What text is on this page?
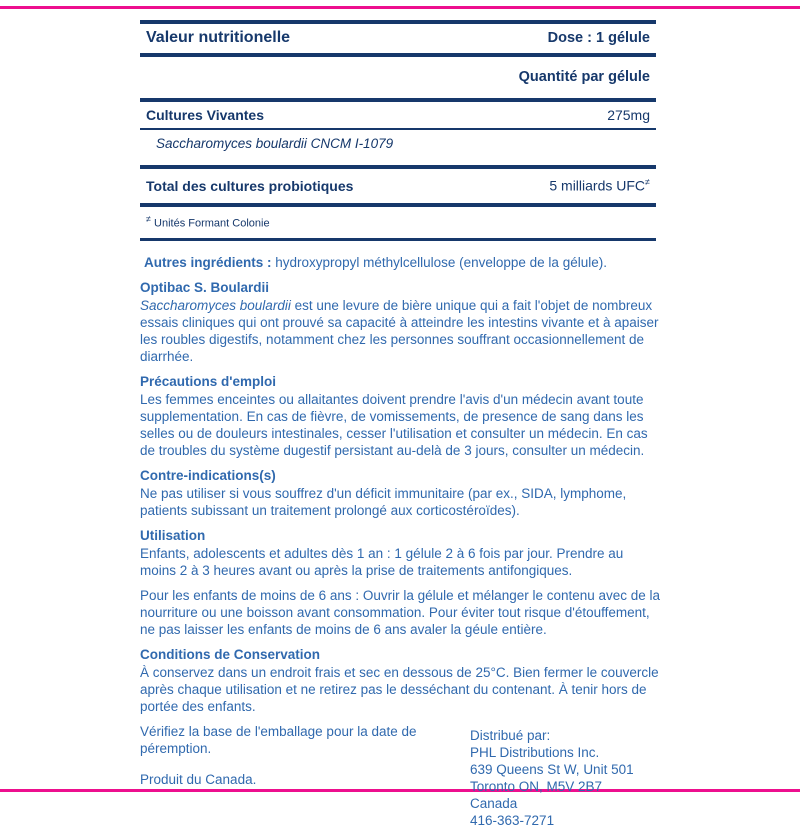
Valeur nutritionelle	Dose : 1 gélule
Quantité par gélule
Cultures Vivantes	275mg
Saccharomyces boulardii CNCM I-1079
Total des cultures probiotiques	5 milliards UFC≠
≠ Unités Formant Colonie

Autres ingrédients : hydroxypropyl méthylcellulose (enveloppe de la gélule).

Optibac S. Boulardii

Saccharomyces boulardii est une levure de bière unique qui a fait l'objet de nombreux essais cliniques qui ont prouvé sa capacité à atteindre les intestins vivante et à apaiser les roubles digestifs, notamment chez les personnes souffrant occasionnellement de diarrhée.

Précautions d'emploi

Les femmes enceintes ou allaitantes doivent prendre l'avis d'un médecin avant toute supplementation. En cas de fièvre, de vomissements, de presence de sang dans les selles ou de douleurs intestinales, cesser l'utilisation et consulter un médecin. En cas de troubles du système dugestif persistant au-delà de 3 jours, consulter un médecin.

Contre-indications(s)

Ne pas utiliser si vous souffrez d'un déficit immunitaire (par ex., SIDA, lymphome, patients subissant un traitement prolongé aux corticostéroïdes).

Utilisation

Enfants, adolescents et adultes dès 1 an : 1 gélule 2 à 6 fois par jour. Prendre au moins 2 à 3 heures avant ou après la prise de traitements antifongiques.

Pour les enfants de moins de 6 ans : Ouvrir la gélule et mélanger le contenu avec de la nourriture ou une boisson avant consommation. Pour éviter tout risque d'étouffement, ne pas laisser les enfants de moins de 6 ans avaler la géule entière.

Conditions de Conservation

À conservez dans un endroit frais et sec en dessous de 25°C. Bien fermer le couvercle après chaque utilisation et ne retirez pas le desséchant du contenant. À tenir hors de portée des enfants.

Vérifiez la base de l'emballage pour la date de péremption.

Produit du Canada.

Distribué par:
PHL Distributions Inc.
639 Queens St W, Unit 501
Toronto ON, M5V 2B7
Canada
416-363-7271
